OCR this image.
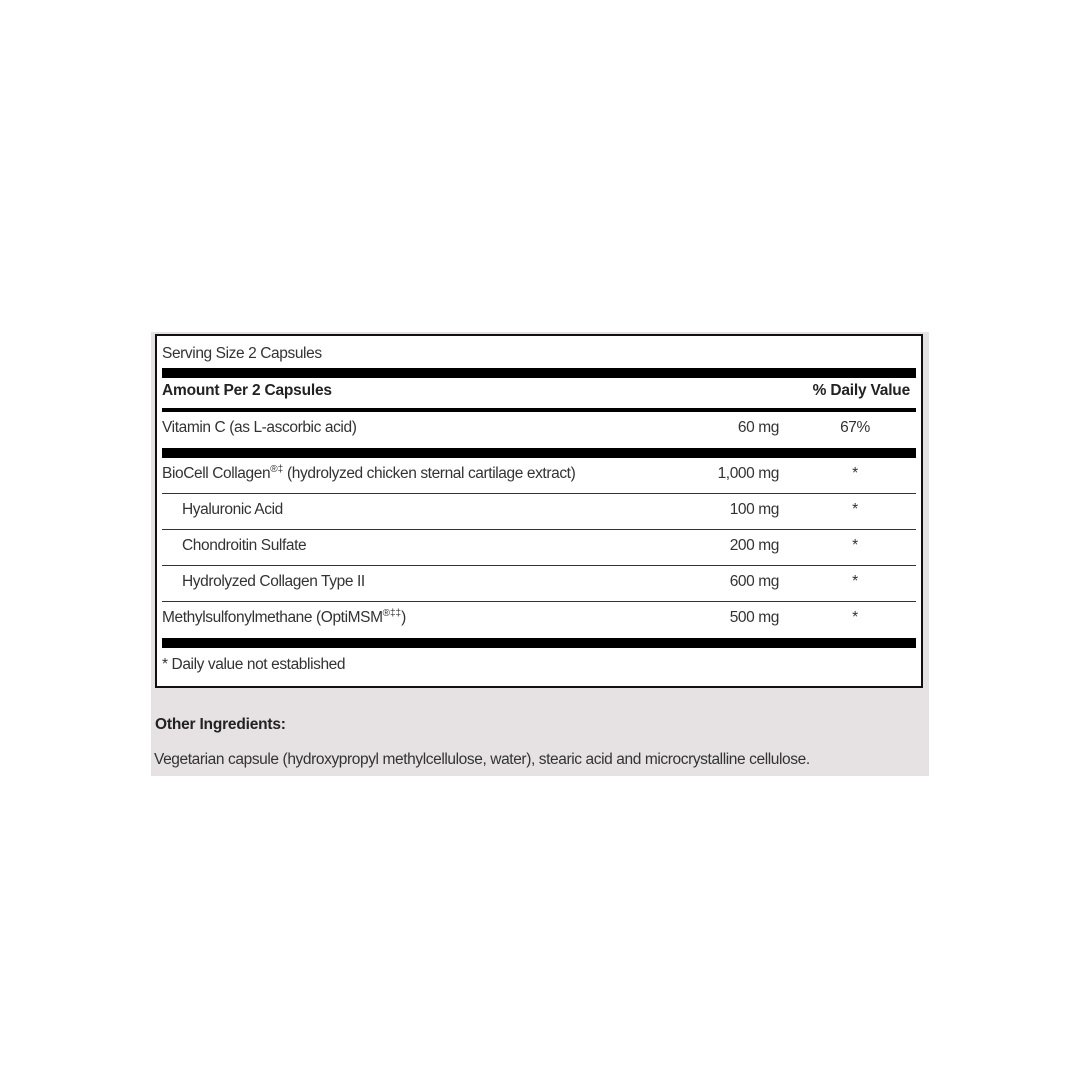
Serving Size 2 Capsules
Amount Per 2 Capsules	% Daily Value
Vitamin C (as L-ascorbic acid)	60 mg	67%
BioCell Collagen®‡ (hydrolyzed chicken sternal cartilage extract)	1,000 mg	*
Hyaluronic Acid	100 mg	*
Chondroitin Sulfate	200 mg	*
Hydrolyzed Collagen Type II	600 mg	*
Methylsulfonylmethane (OptiMSM®‡‡)	500 mg	*
* Daily value not established
Other Ingredients:
Vegetarian capsule (hydroxypropyl methylcellulose, water), stearic acid and microcrystalline cellulose.
